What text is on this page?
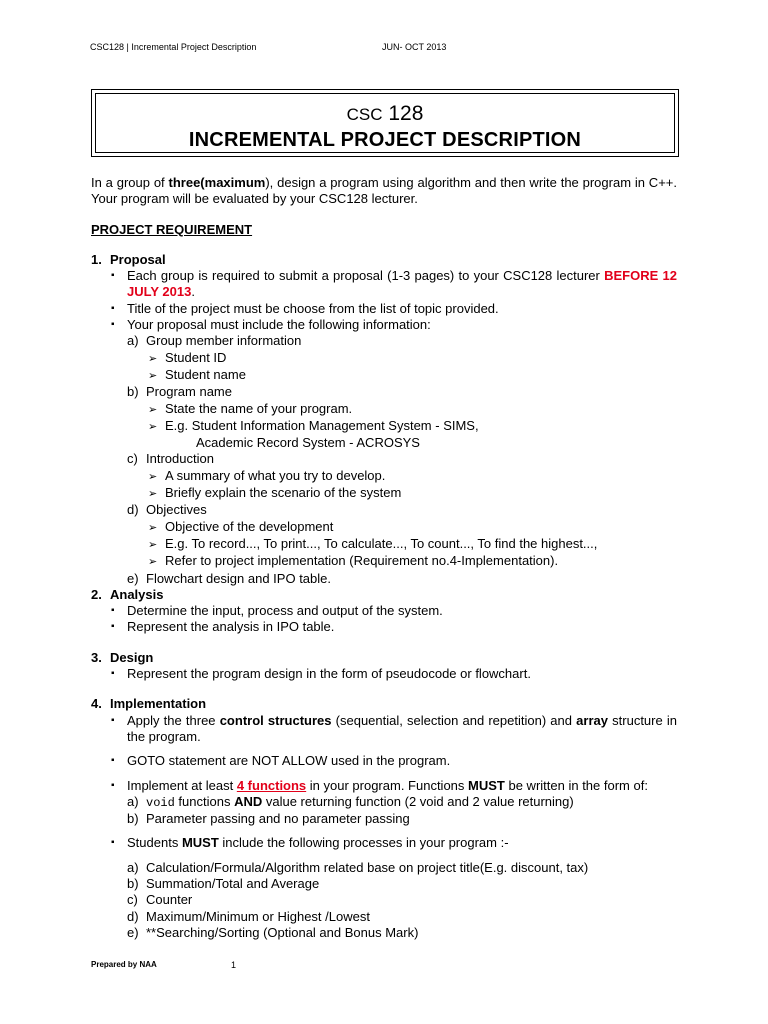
CSC128 | Incremental Project Description	JUN- OCT 2013
CSC 128
INCREMENTAL PROJECT DESCRIPTION

In a group of three(maximum), design a program using algorithm and then write the program in C++. Your program will be evaluated by your CSC128 lecturer.

PROJECT REQUIREMENT
1. Proposal
▪ Each group is required to submit a proposal (1-3 pages) to your CSC128 lecturer BEFORE 12 JULY 2013.
▪ Title of the project must be choose from the list of topic provided.
▪ Your proposal must include the following information:
a) Group member information
➢ Student ID
➢ Student name
b) Program name
➢ State the name of your program.
➢ E.g. Student Information Management System - SIMS,
Academic Record System - ACROSYS
c) Introduction
➢ A summary of what you try to develop.
➢ Briefly explain the scenario of the system
d) Objectives
➢ Objective of the development
➢ E.g. To record..., To print..., To calculate..., To count..., To find the highest...,
➢ Refer to project implementation (Requirement no.4-Implementation).
e) Flowchart design and IPO table.
2. Analysis
▪ Determine the input, process and output of the system.
▪ Represent the analysis in IPO table.
3. Design
▪ Represent the program design in the form of pseudocode or flowchart.
4. Implementation
▪ Apply the three control structures (sequential, selection and repetition) and array structure in the program.
▪ GOTO statement are NOT ALLOW used in the program.
▪ Implement at least 4 functions in your program. Functions MUST be written in the form of:
a) void functions AND value returning function (2 void and 2 value returning)
b) Parameter passing and no parameter passing
▪ Students MUST include the following processes in your program :-
a) Calculation/Formula/Algorithm related base on project title(E.g. discount, tax)
b) Summation/Total and Average
c) Counter
d) Maximum/Minimum or Highest /Lowest
e) **Searching/Sorting (Optional and Bonus Mark)
Prepared by NAA	1
